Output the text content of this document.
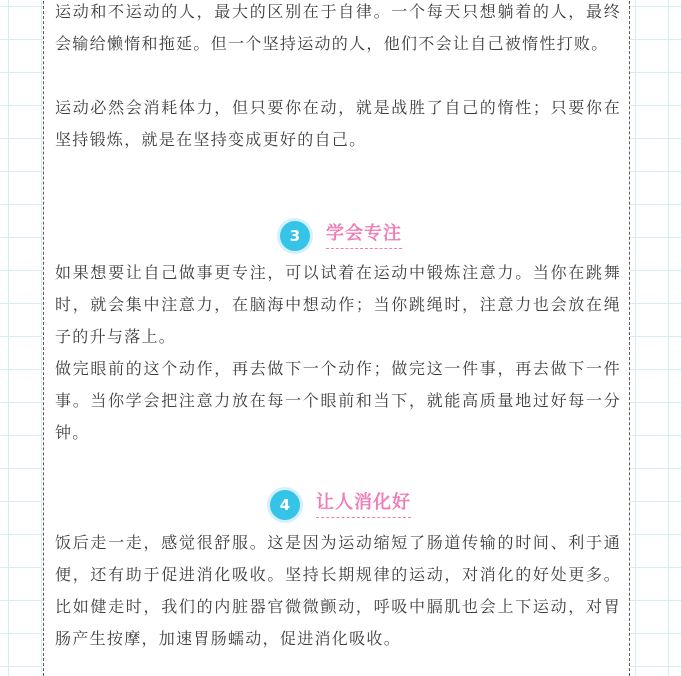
运动和不运动的人，最大的区别在于自律。一个每天只想躺着的人，最终会输给懒惰和拖延。但一个坚持运动的人，他们不会让自己被惰性打败。

运动必然会消耗体力，但只要你在动，就是战胜了自己的惰性；只要你在坚持锻炼，就是在坚持变成更好的自己。

3	学会专注

如果想要让自己做事更专注，可以试着在运动中锻炼注意力。当你在跳舞时，就会集中注意力，在脑海中想动作；当你跳绳时，注意力也会放在绳子的升与落上。

做完眼前的这个动作，再去做下一个动作；做完这一件事，再去做下一件事。当你学会把注意力放在每一个眼前和当下，就能高质量地过好每一分钟。

4	让人消化好

饭后走一走，感觉很舒服。这是因为运动缩短了肠道传输的时间、利于通便，还有助于促进消化吸收。坚持长期规律的运动，对消化的好处更多。比如健走时，我们的内脏器官微微颤动，呼吸中膈肌也会上下运动，对胃肠产生按摩，加速胃肠蠕动，促进消化吸收。
